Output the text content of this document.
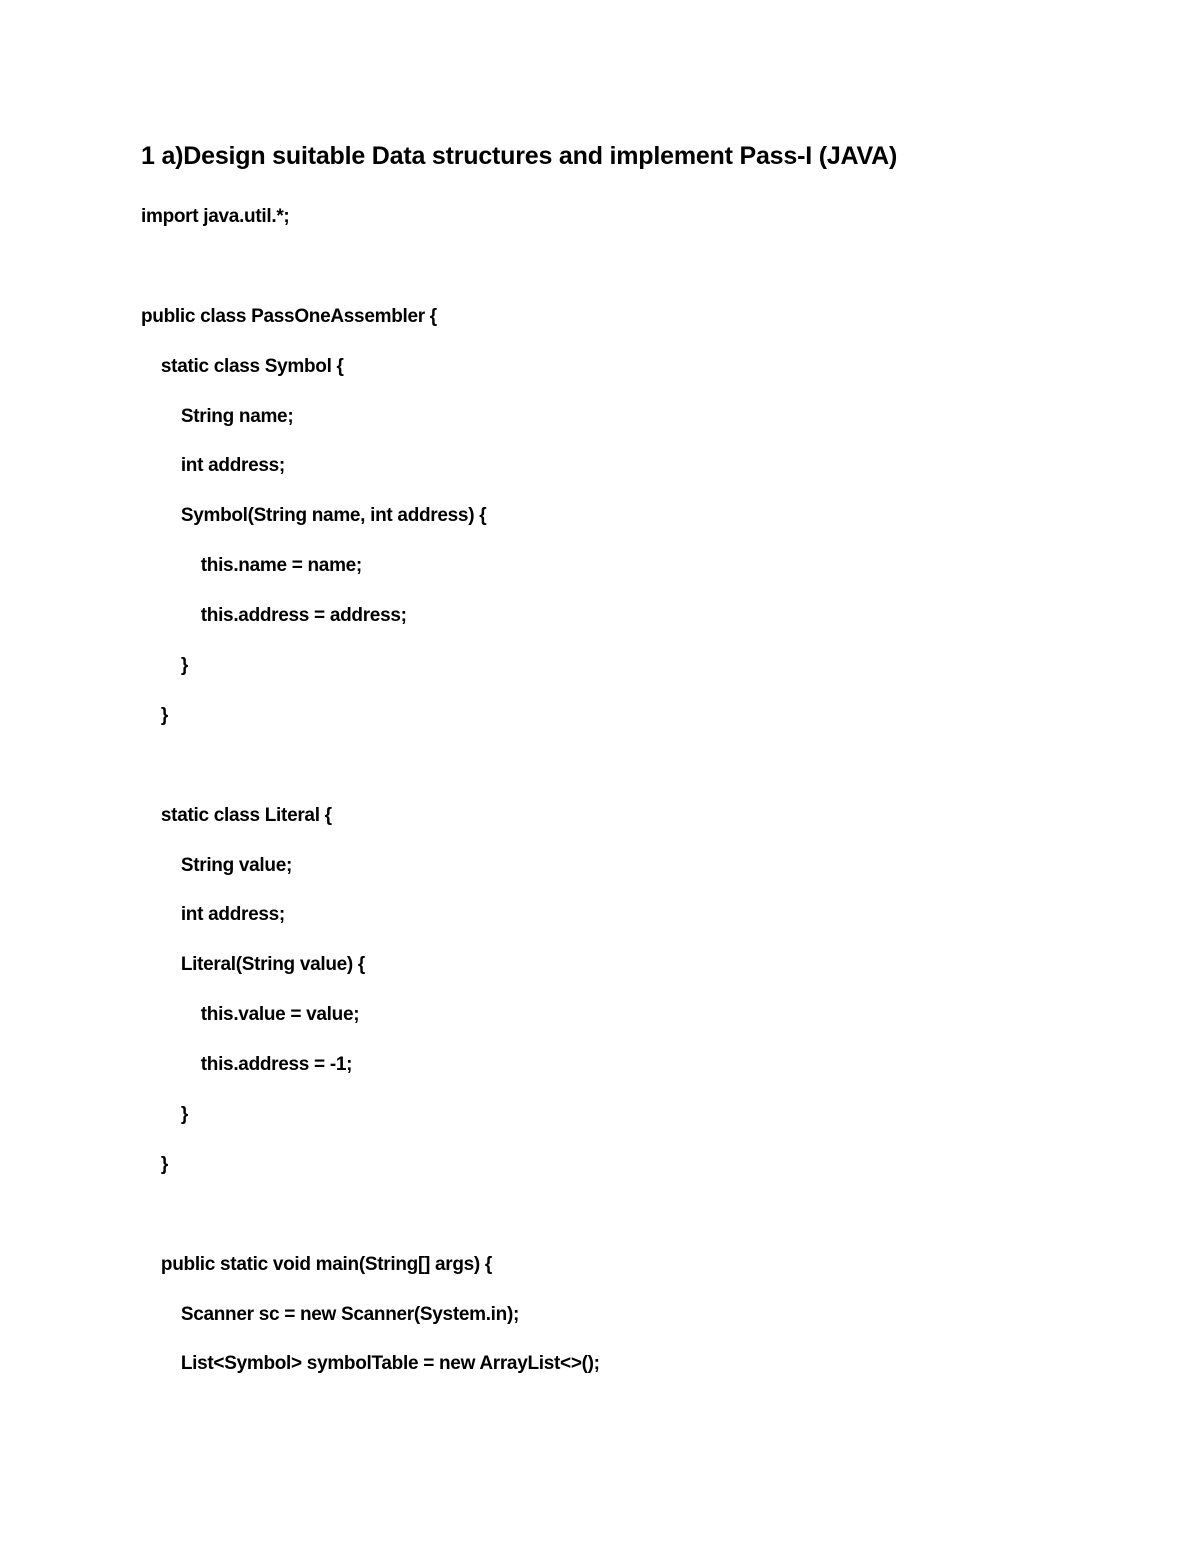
1 a)Design suitable Data structures and implement Pass-I (JAVA)
import java.util.*;
public class PassOneAssembler {
static class Symbol {
String name;
int address;
Symbol(String name, int address) {
this.name = name;
this.address = address;
}
}
static class Literal {
String value;
int address;
Literal(String value) {
this.value = value;
this.address = -1;
}
}
public static void main(String[] args) {
Scanner sc = new Scanner(System.in);
List<Symbol> symbolTable = new ArrayList<>();
